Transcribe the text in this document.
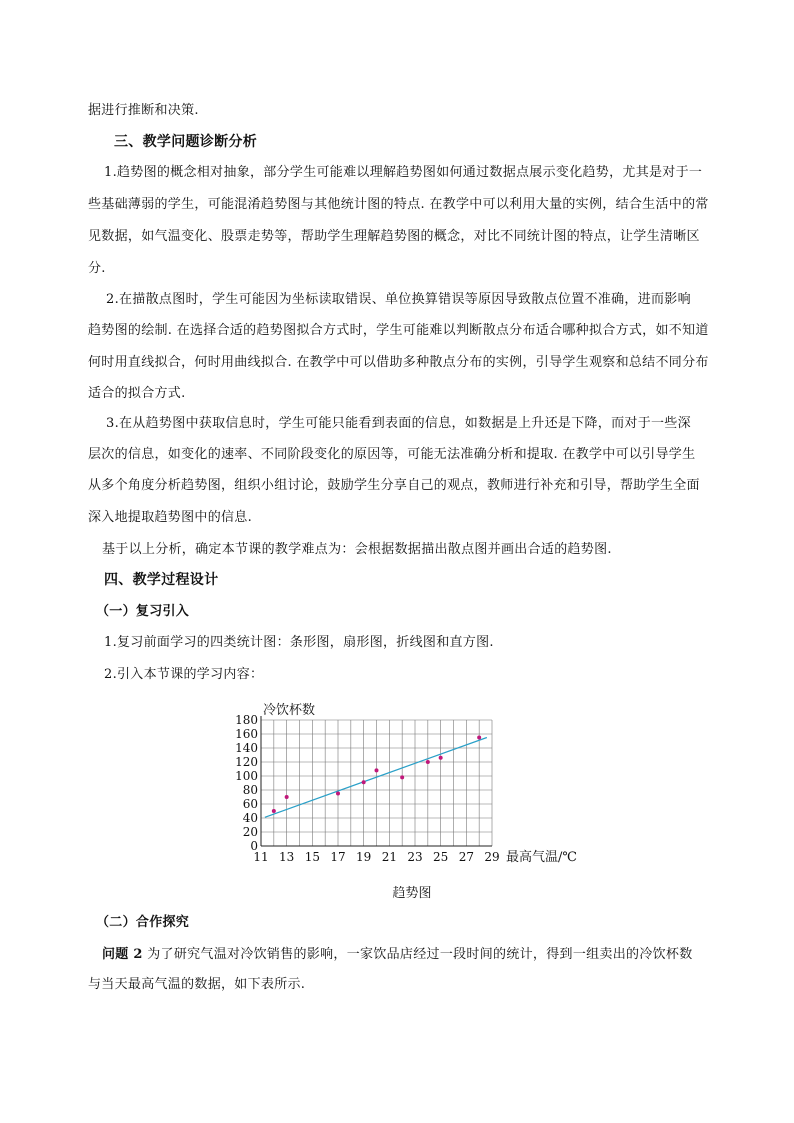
据进行推断和决策.
三、教学问题诊断分析
1.趋势图的概念相对抽象，部分学生可能难以理解趋势图如何通过数据点展示变化趋势，尤其是对于一
些基础薄弱的学生，可能混淆趋势图与其他统计图的特点. 在教学中可以利用大量的实例，结合生活中的常
见数据，如气温变化、股票走势等，帮助学生理解趋势图的概念，对比不同统计图的特点，让学生清晰区
分.
2.在描散点图时，学生可能因为坐标读取错误、单位换算错误等原因导致散点位置不准确，进而影响
趋势图的绘制. 在选择合适的趋势图拟合方式时，学生可能难以判断散点分布适合哪种拟合方式，如不知道
何时用直线拟合，何时用曲线拟合. 在教学中可以借助多种散点分布的实例，引导学生观察和总结不同分布
适合的拟合方式.
3.在从趋势图中获取信息时，学生可能只能看到表面的信息，如数据是上升还是下降，而对于一些深
层次的信息，如变化的速率、不同阶段变化的原因等，可能无法准确分析和提取. 在教学中可以引导学生
从多个角度分析趋势图，组织小组讨论，鼓励学生分享自己的观点，教师进行补充和引导，帮助学生全面
深入地提取趋势图中的信息.
基于以上分析，确定本节课的教学难点为：会根据数据描出散点图并画出合适的趋势图.
四、教学过程设计
（一）复习引入
1.复习前面学习的四类统计图：条形图，扇形图，折线图和直方图.
2.引入本节课的学习内容：
0
20
40
60
80
100
120
140
160
180
11 13 15 17 19 21 23 25 27 29
冷饮杯数
最高气温/℃
趋势图
（二）合作探究
问题 2 为了研究气温对冷饮销售的影响，一家饮品店经过一段时间的统计，得到一组卖出的冷饮杯数
与当天最高气温的数据，如下表所示.
